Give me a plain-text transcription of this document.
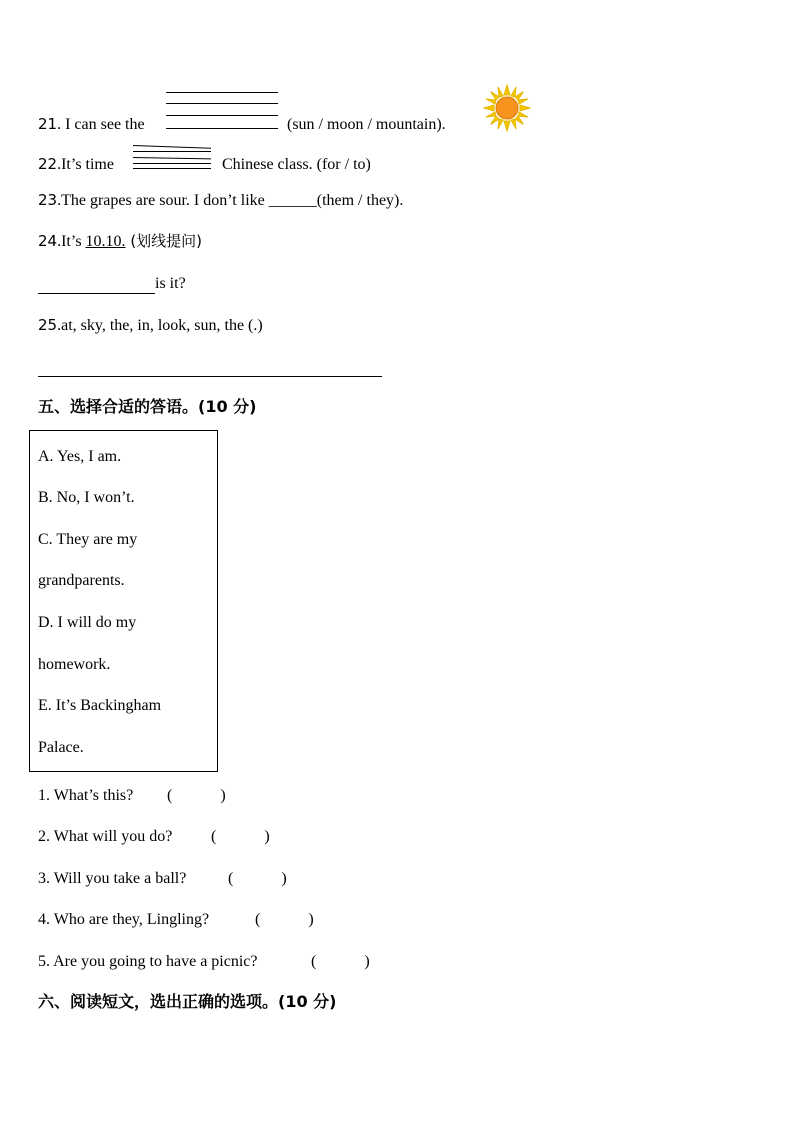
21. I can see the	(sun / moon / mountain).
22.It’s time	Chinese class. (for / to)
23.The grapes are sour. I don’t like ______(them / they).
24.It’s 10.10. (划线提问)
is it?
25.at, sky, the, in, look, sun, the (.)
五、选择合适的答语。(10 分)
A. Yes, I am.
B. No, I won’t.
C. They are my
grandparents.
D. I will do my
homework.
E. It’s Backingham
Palace.
1. What’s this? (            )
2. What will you do? (            )
3. Will you take a ball?	(            )
4. Who are they, Lingling?	(            )
5. Are you going to have a picnic?	(            )
六、阅读短文，选出正确的选项。(10 分)
